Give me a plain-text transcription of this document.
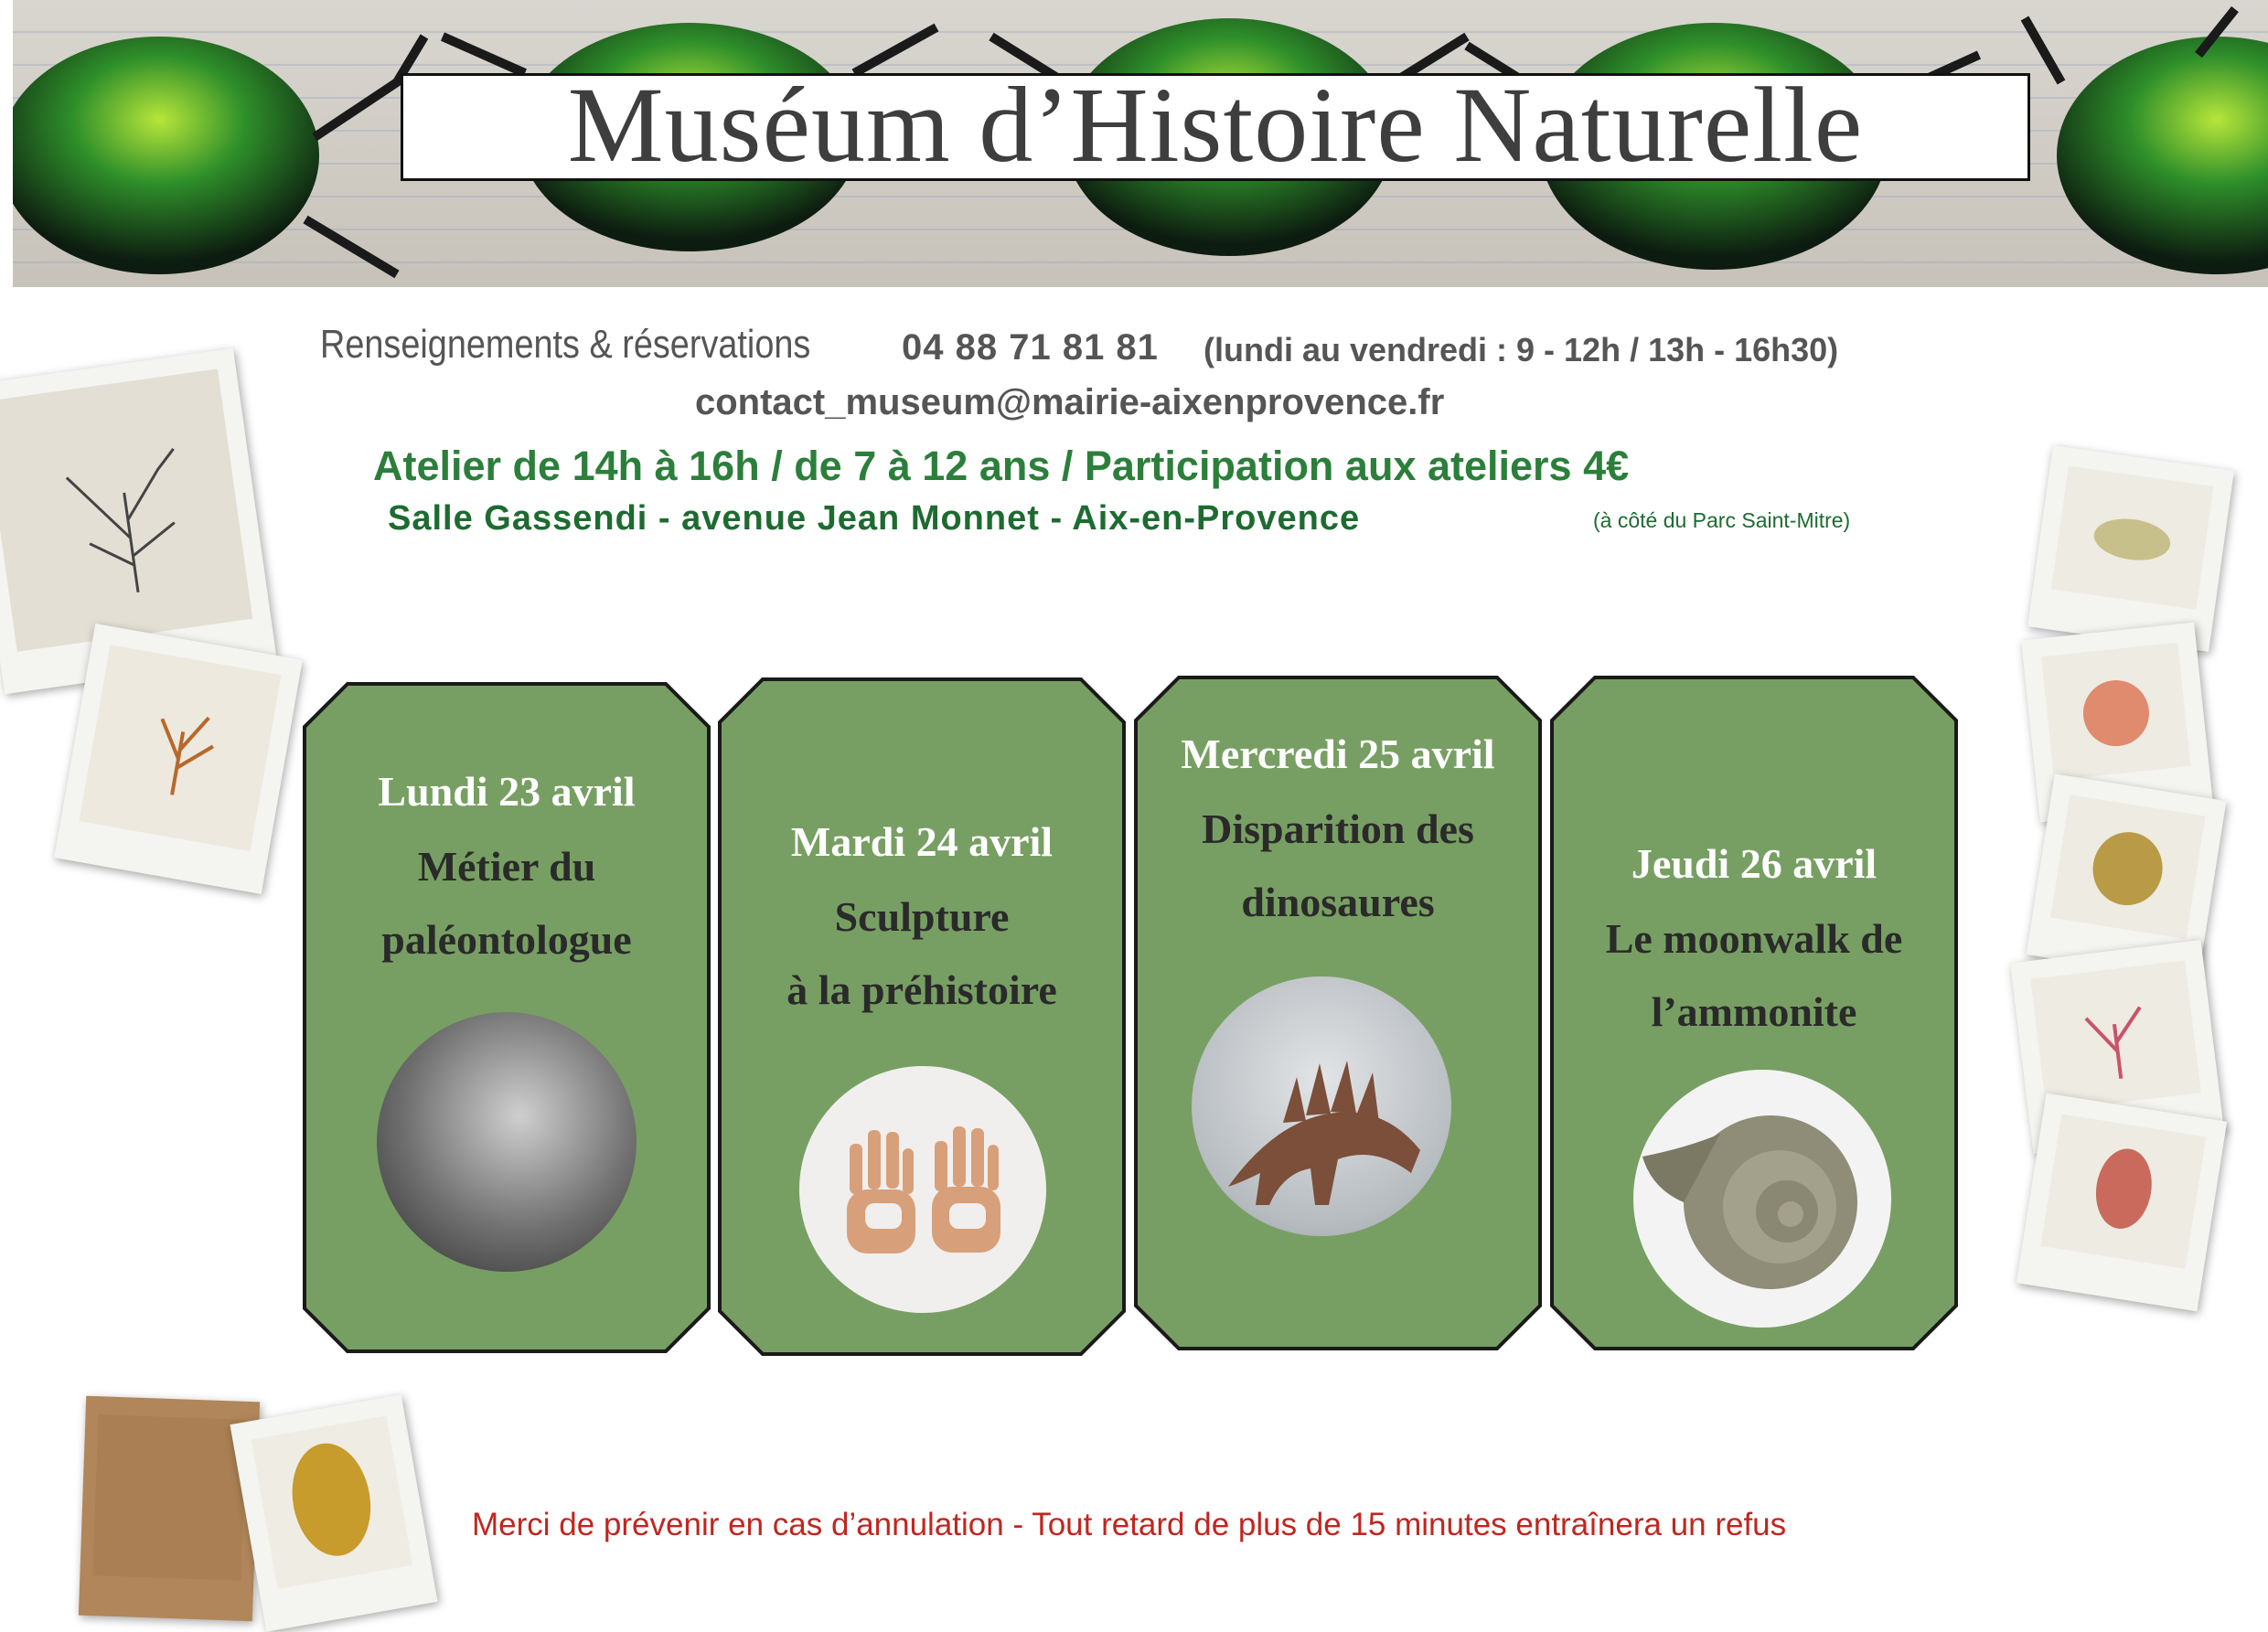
Muséum d’Histoire Naturelle
Renseignements & réservations 04 88 71 81 81 (lundi au vendredi : 9 - 12h / 13h - 16h30)
contact_museum@mairie-aixenprovence.fr
Atelier de 14h à 16h / de 7 à 12 ans / Participation aux ateliers 4€
Salle Gassendi - avenue Jean Monnet - Aix-en-Provence	(à côté du Parc Saint-Mitre)
Lundi 23 avril
Métier du
paléontologue
Mardi 24 avril
Sculpture
à la préhistoire
Mercredi 25 avril
Disparition des
dinosaures
Jeudi 26 avril
Le moonwalk de
l’ammonite
Merci de prévenir en cas d’annulation - Tout retard de plus de 15 minutes entraînera un refus
